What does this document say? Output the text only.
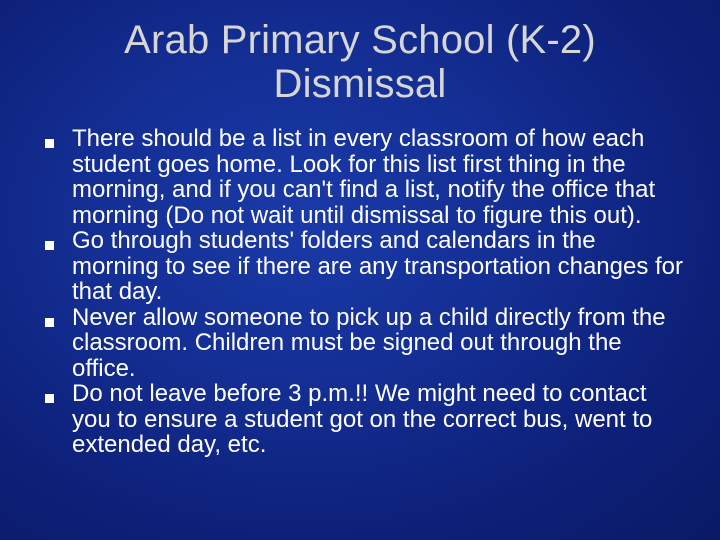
Arab Primary School (K-2)
Dismissal
There should be a list in every classroom of how each student goes home. Look for this list first thing in the morning, and if you can't find a list, notify the office that morning (Do not wait until dismissal to figure this out).
Go through students' folders and calendars in the morning to see if there are any transportation changes for that day.
Never allow someone to pick up a child directly from the classroom. Children must be signed out through the office.
Do not leave before 3 p.m.!! We might need to contact you to ensure a student got on the correct bus, went to extended day, etc.
